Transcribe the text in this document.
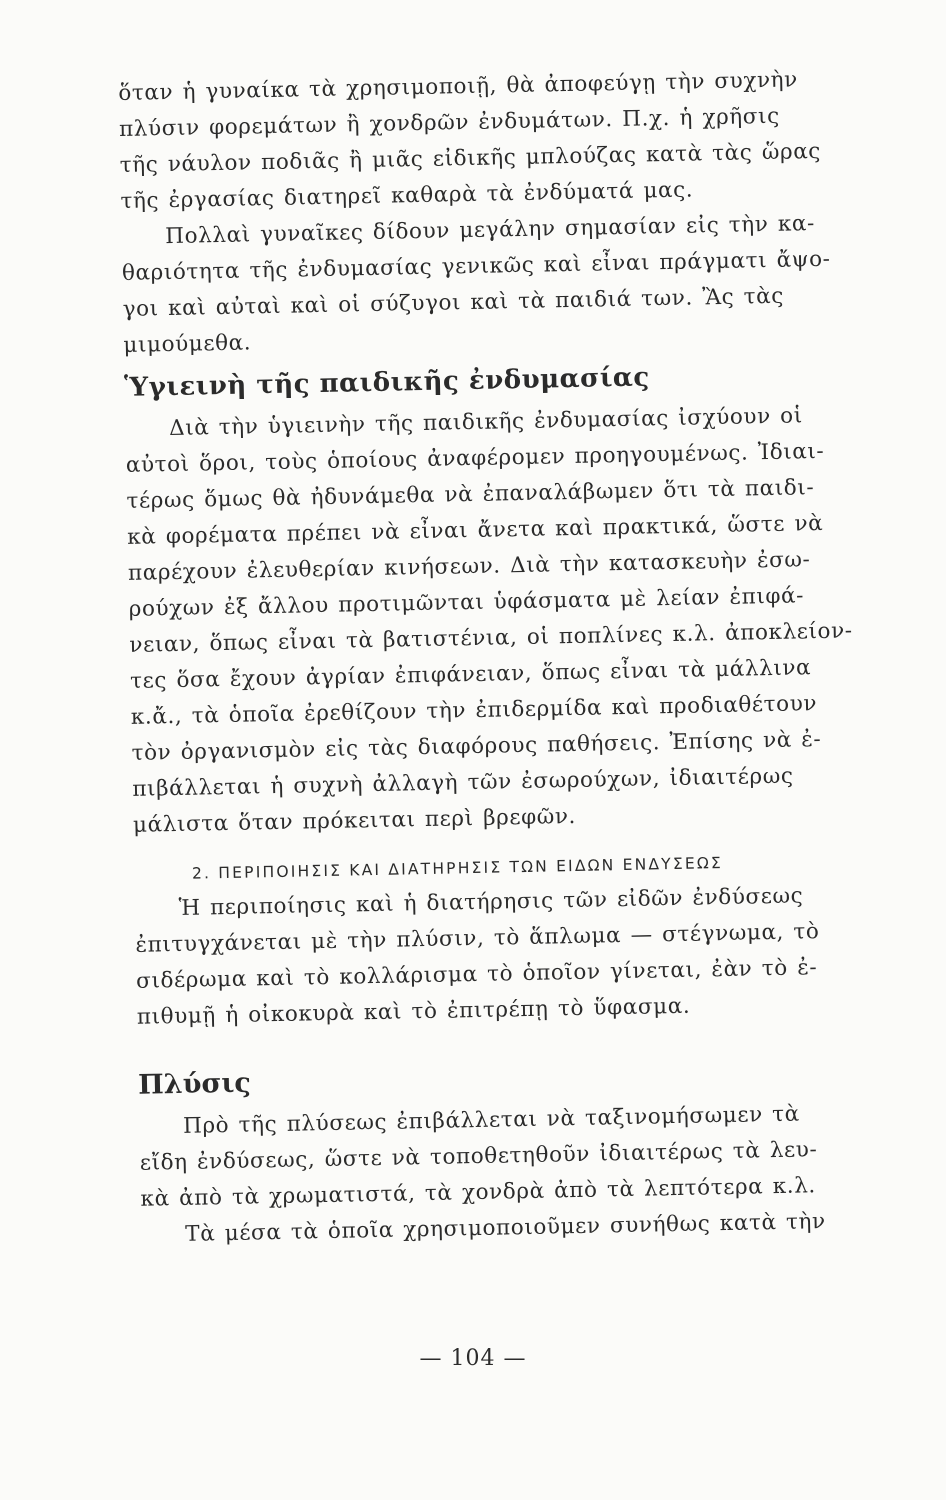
ὅταν ἡ γυναίκα τὰ χρησιμοποιῇ, θὰ ἀποφεύγῃ τὴν συχνὴν
πλύσιν φορεμάτων ἢ χονδρῶν ἐνδυμάτων. Π.χ. ἡ χρῆσις
τῆς νάυλον ποδιᾶς ἢ μιᾶς εἰδικῆς μπλούζας κατὰ τὰς ὥρας
τῆς ἐργασίας διατηρεῖ καθαρὰ τὰ ἐνδύματά μας.
Πολλαὶ γυναῖκες δίδουν μεγάλην σημασίαν εἰς τὴν κα-
θαριότητα τῆς ἐνδυμασίας γενικῶς καὶ εἶναι πράγματι ἄψο-
γοι καὶ αὐταὶ καὶ οἱ σύζυγοι καὶ τὰ παιδιά των. Ἂς τὰς
μιμούμεθα.
Ὑγιεινὴ τῆς παιδικῆς ἐνδυμασίας
Διὰ τὴν ὑγιεινὴν τῆς παιδικῆς ἐνδυμασίας ἰσχύουν οἱ
αὐτοὶ ὅροι, τοὺς ὁποίους ἀναφέρομεν προηγουμένως. Ἰδιαι-
τέρως ὅμως θὰ ἠδυνάμεθα νὰ ἐπαναλάβωμεν ὅτι τὰ παιδι-
κὰ φορέματα πρέπει νὰ εἶναι ἄνετα καὶ πρακτικά, ὥστε νὰ
παρέχουν ἐλευθερίαν κινήσεων. Διὰ τὴν κατασκευὴν ἐσω-
ρούχων ἐξ ἄλλου προτιμῶνται ὑφάσματα μὲ λείαν ἐπιφά-
νειαν, ὅπως εἶναι τὰ βατιστένια, οἱ ποπλίνες κ.λ. ἀποκλείον-
τες ὅσα ἔχουν ἀγρίαν ἐπιφάνειαν, ὅπως εἶναι τὰ μάλλινα
κ.ἄ., τὰ ὁποῖα ἐρεθίζουν τὴν ἐπιδερμίδα καὶ προδιαθέτουν
τὸν ὀργανισμὸν εἰς τὰς διαφόρους παθήσεις. Ἐπίσης νὰ ἐ-
πιβάλλεται ἡ συχνὴ ἀλλαγὴ τῶν ἐσωρούχων, ἰδιαιτέρως
μάλιστα ὅταν πρόκειται περὶ βρεφῶν.
2. ΠΕΡΙΠΟΙΗΣΙΣ ΚΑΙ ΔΙΑΤΗΡΗΣΙΣ ΤΩΝ ΕΙΔΩΝ ΕΝΔΥΣΕΩΣ
Ἡ περιποίησις καὶ ἡ διατήρησις τῶν εἰδῶν ἐνδύσεως
ἐπιτυγχάνεται μὲ τὴν πλύσιν, τὸ ἅπλωμα — στέγνωμα, τὸ
σιδέρωμα καὶ τὸ κολλάρισμα τὸ ὁποῖον γίνεται, ἐὰν τὸ ἐ-
πιθυμῇ ἡ οἰκοκυρὰ καὶ τὸ ἐπιτρέπῃ τὸ ὕφασμα.
Πλύσις
Πρὸ τῆς πλύσεως ἐπιβάλλεται νὰ ταξινομήσωμεν τὰ
εἴδη ἐνδύσεως, ὥστε νὰ τοποθετηθοῦν ἰδιαιτέρως τὰ λευ-
κὰ ἀπὸ τὰ χρωματιστά, τὰ χονδρὰ ἀπὸ τὰ λεπτότερα κ.λ.
Τὰ μέσα τὰ ὁποῖα χρησιμοποιοῦμεν συνήθως κατὰ τὴν
— 104 —
